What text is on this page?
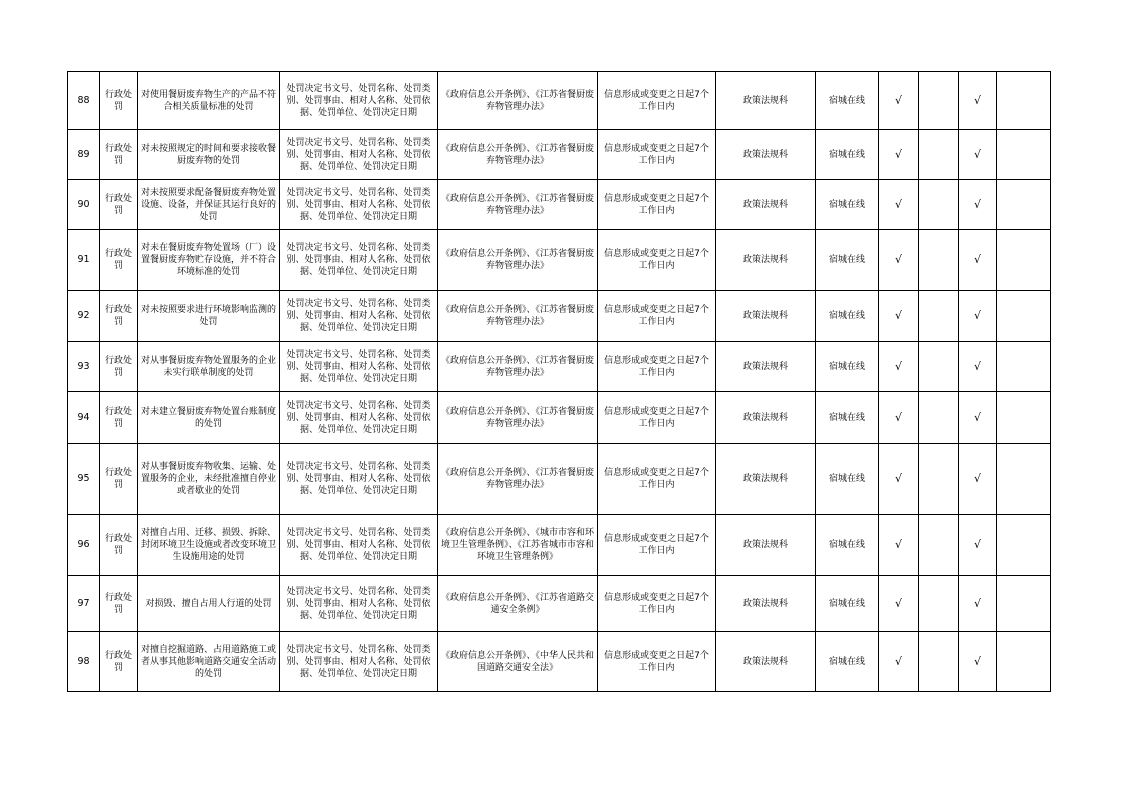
88	行政处罚	对使用餐厨废弃物生产的产品不符合相关质量标准的处罚	处罚决定书文号、处罚名称、处罚类别、处罚事由、相对人名称、处罚依据、处罚单位、处罚决定日期	《政府信息公开条例》、《江苏省餐厨废弃物管理办法》	信息形成或变更之日起7个工作日内	政策法规科	宿城在线	√		√	
89	行政处罚	对未按照规定的时间和要求接收餐厨废弃物的处罚	处罚决定书文号、处罚名称、处罚类别、处罚事由、相对人名称、处罚依据、处罚单位、处罚决定日期	《政府信息公开条例》、《江苏省餐厨废弃物管理办法》	信息形成或变更之日起7个工作日内	政策法规科	宿城在线	√		√	
90	行政处罚	对未按照要求配备餐厨废弃物处置设施、设备，并保证其运行良好的处罚	处罚决定书文号、处罚名称、处罚类别、处罚事由、相对人名称、处罚依据、处罚单位、处罚决定日期	《政府信息公开条例》、《江苏省餐厨废弃物管理办法》	信息形成或变更之日起7个工作日内	政策法规科	宿城在线	√		√	
91	行政处罚	对未在餐厨废弃物处置场（厂）设置餐厨废弃物贮存设施，并不符合环境标准的处罚	处罚决定书文号、处罚名称、处罚类别、处罚事由、相对人名称、处罚依据、处罚单位、处罚决定日期	《政府信息公开条例》、《江苏省餐厨废弃物管理办法》	信息形成或变更之日起7个工作日内	政策法规科	宿城在线	√		√	
92	行政处罚	对未按照要求进行环境影响监测的处罚	处罚决定书文号、处罚名称、处罚类别、处罚事由、相对人名称、处罚依据、处罚单位、处罚决定日期	《政府信息公开条例》、《江苏省餐厨废弃物管理办法》	信息形成或变更之日起7个工作日内	政策法规科	宿城在线	√		√	
93	行政处罚	对从事餐厨废弃物处置服务的企业未实行联单制度的处罚	处罚决定书文号、处罚名称、处罚类别、处罚事由、相对人名称、处罚依据、处罚单位、处罚决定日期	《政府信息公开条例》、《江苏省餐厨废弃物管理办法》	信息形成或变更之日起7个工作日内	政策法规科	宿城在线	√		√	
94	行政处罚	对未建立餐厨废弃物处置台账制度的处罚	处罚决定书文号、处罚名称、处罚类别、处罚事由、相对人名称、处罚依据、处罚单位、处罚决定日期	《政府信息公开条例》、《江苏省餐厨废弃物管理办法》	信息形成或变更之日起7个工作日内	政策法规科	宿城在线	√		√	
95	行政处罚	对从事餐厨废弃物收集、运输、处置服务的企业，未经批准擅自停业或者歇业的处罚	处罚决定书文号、处罚名称、处罚类别、处罚事由、相对人名称、处罚依据、处罚单位、处罚决定日期	《政府信息公开条例》、《江苏省餐厨废弃物管理办法》	信息形成或变更之日起7个工作日内	政策法规科	宿城在线	√		√	
96	行政处罚	对擅自占用、迁移、损毁、拆除、封闭环境卫生设施或者改变环境卫生设施用途的处罚	处罚决定书文号、处罚名称、处罚类别、处罚事由、相对人名称、处罚依据、处罚单位、处罚决定日期	《政府信息公开条例》、《城市市容和环境卫生管理条例》、《江苏省城市市容和环境卫生管理条例》	信息形成或变更之日起7个工作日内	政策法规科	宿城在线	√		√	
97	行政处罚	对损毁、擅自占用人行道的处罚	处罚决定书文号、处罚名称、处罚类别、处罚事由、相对人名称、处罚依据、处罚单位、处罚决定日期	《政府信息公开条例》、《江苏省道路交通安全条例》	信息形成或变更之日起7个工作日内	政策法规科	宿城在线	√		√	
98	行政处罚	对擅自挖掘道路、占用道路施工或者从事其他影响道路交通安全活动的处罚	处罚决定书文号、处罚名称、处罚类别、处罚事由、相对人名称、处罚依据、处罚单位、处罚决定日期	《政府信息公开条例》、《中华人民共和国道路交通安全法》	信息形成或变更之日起7个工作日内	政策法规科	宿城在线	√		√	
